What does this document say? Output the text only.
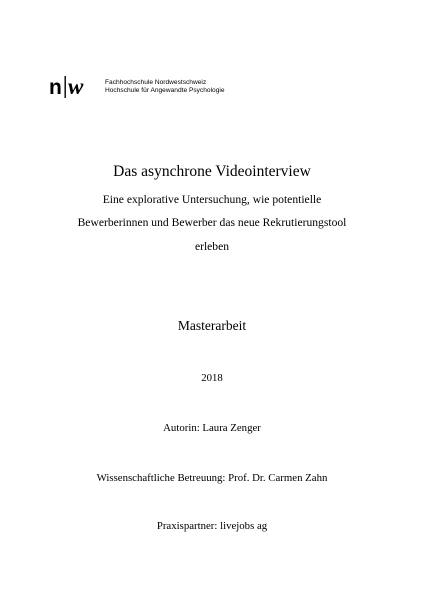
n w	Fachhochschule Nordwestschweiz
Hochschule für Angewandte Psychologie
Das asynchrone Videointerview
Eine explorative Untersuchung, wie potentielle
Bewerberinnen und Bewerber das neue Rekrutierungstool
erleben
Masterarbeit
2018
Autorin: Laura Zenger
Wissenschaftliche Betreuung: Prof. Dr. Carmen Zahn
Praxispartner: livejobs ag
